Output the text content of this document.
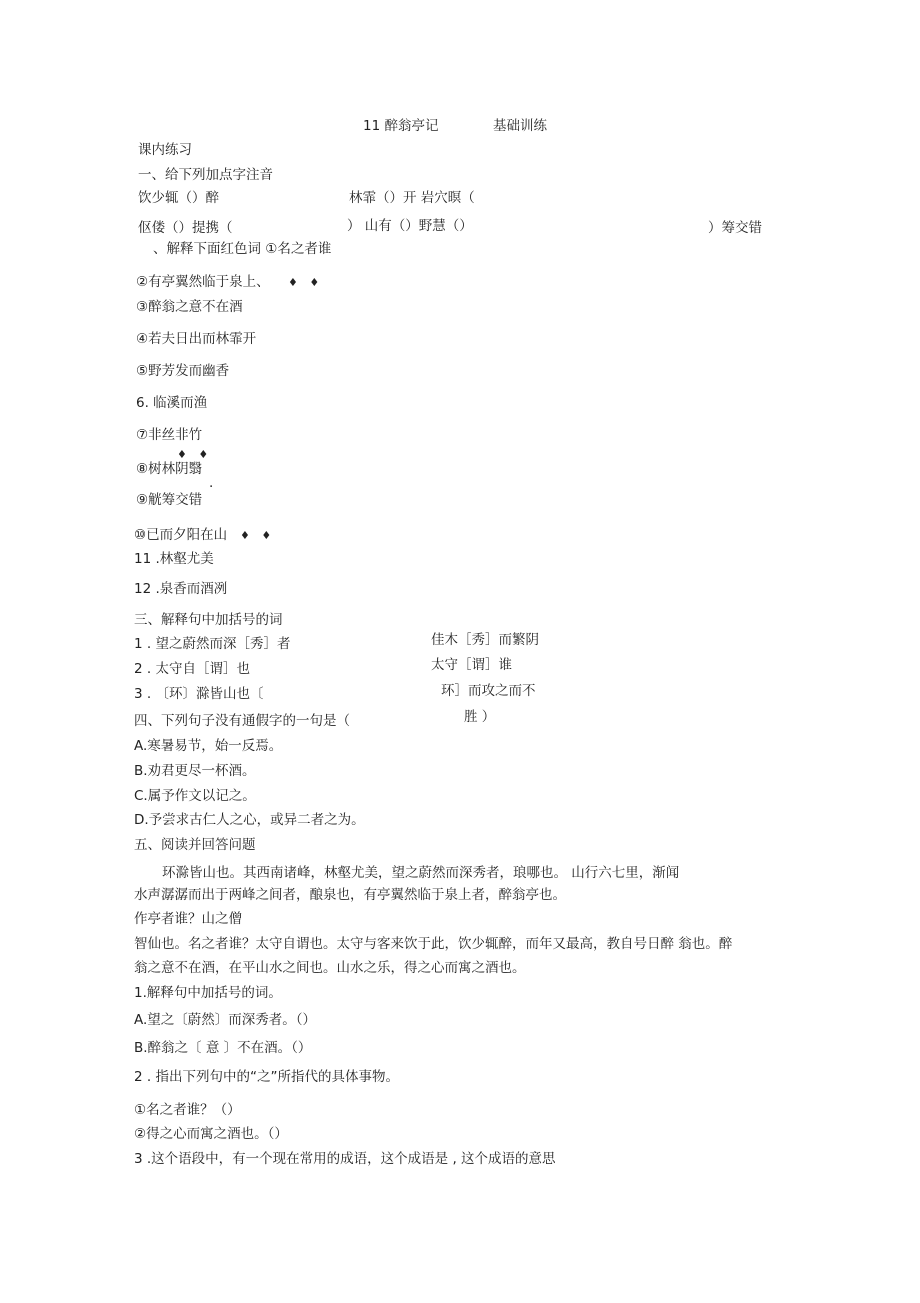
11 醉翁亭记	基础训练
课内练习
一、给下列加点字注音
饮少辄（）醉	林霏（）开 岩穴暝（
伛偻（）提携（	） 山有（）野慧（）	）筹交错
、解释下面红色词 ①名之者谁
②有亭翼然临于泉上、 ♦ ♦
③醉翁之意不在酒
④若夫日出而林霏开
⑤野芳发而幽香
6. 临溪而渔
⑦非丝非竹
♦ ♦
⑧树林阴翳
.
⑨觥筹交错
⑩已而夕阳在山 ♦ ♦
11 .林壑尤美
12 .泉香而酒冽
三、解释句中加括号的词
1 . 望之蔚然而深［秀］者	佳木［秀］而繁阴
2 . 太守自［谓］也	太守［谓］谁
3 . 〔环〕滁皆山也〔	环］而攻之而不
胜 ）
四、下列句子没有通假字的一句是（
A.寒暑易节，始一反焉。
B.劝君更尽一杯酒。
C.属予作文以记之。
D.予尝求古仁人之心，或异二者之为。
五、阅读并回答问题
环滁皆山也。其西南诸峰，林壑尤美，望之蔚然而深秀者，琅哪也。 山行六七里，渐闻
水声潺潺而出于两峰之间者，酿泉也，有亭翼然临于泉上者，醉翁亭也。
作亭者谁？山之僧
智仙也。名之者谁？太守自谓也。太守与客来饮于此，饮少辄醉，而年又最高，教自号日醉 翁也。醉
翁之意不在酒，在平山水之间也。山水之乐，得之心而寓之酒也。
1.解释句中加括号的词。
A.望之〔蔚然〕而深秀者。（）
B.醉翁之〔 意 〕不在酒。（）
2 . 指出下列句中的“之”所指代的具体事物。
①名之者谁？（）
②得之心而寓之酒也。（）
3 .这个语段中，有一个现在常用的成语，这个成语是 , 这个成语的意思
